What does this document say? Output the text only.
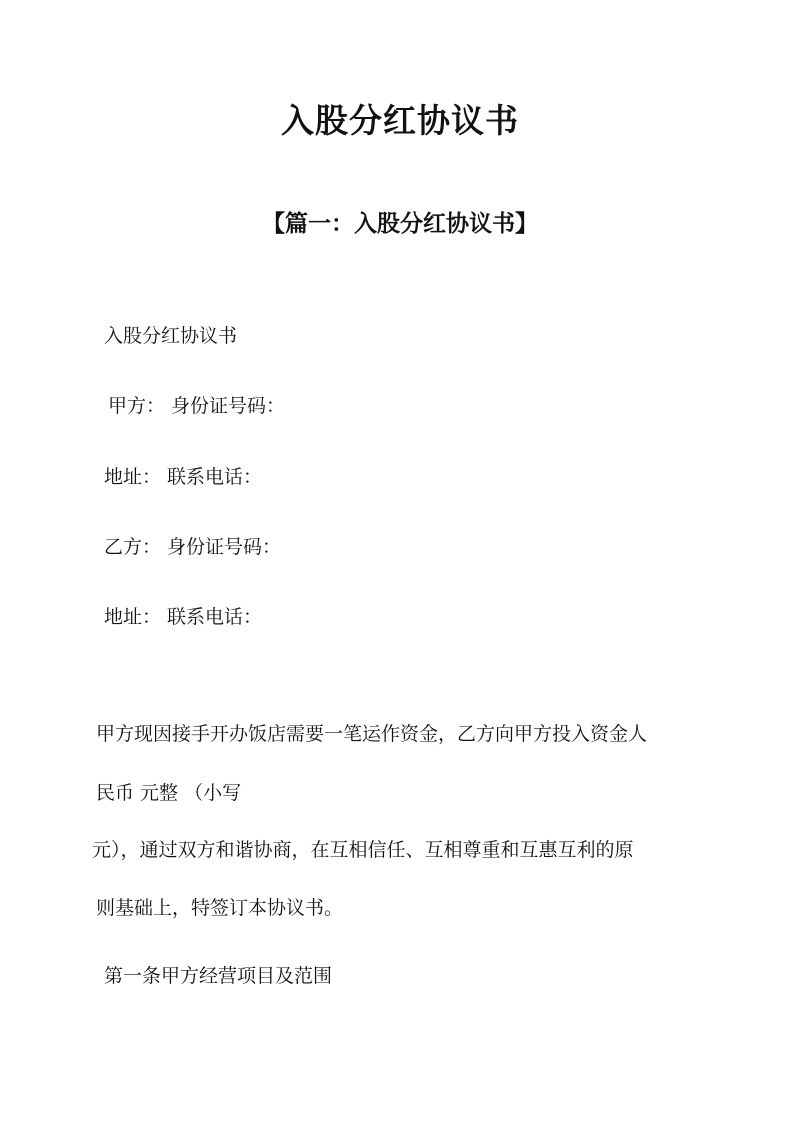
入股分红协议书
【篇一：入股分红协议书】

入股分红协议书

甲方： 身份证号码：

地址： 联系电话：

乙方： 身份证号码：

地址： 联系电话：

甲方现因接手开办饭店需要一笔运作资金，乙方向甲方投入资金人

民币 元整 （小写

元），通过双方和谐协商，在互相信任、互相尊重和互惠互利的原

则基础上，特签订本协议书。

第一条甲方经营项目及范围
